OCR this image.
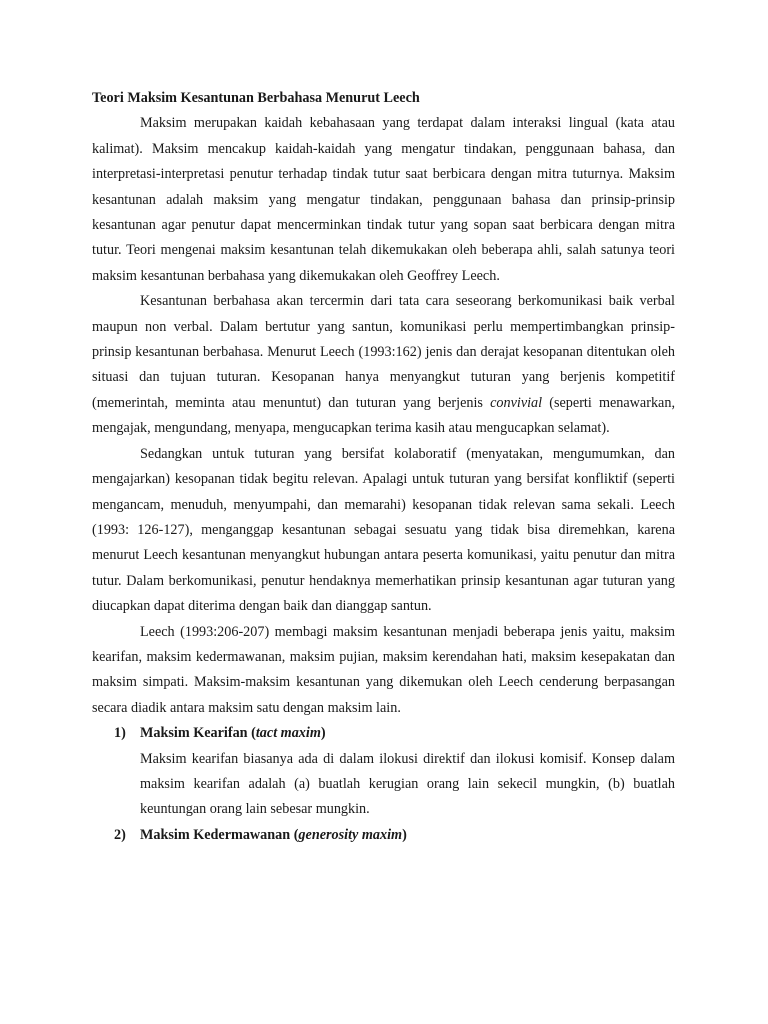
Teori Maksim Kesantunan Berbahasa Menurut Leech

Maksim merupakan kaidah kebahasaan yang terdapat dalam interaksi lingual (kata atau kalimat). Maksim mencakup kaidah-kaidah yang mengatur tindakan, penggunaan bahasa, dan interpretasi-interpretasi penutur terhadap tindak tutur saat berbicara dengan mitra tuturnya. Maksim kesantunan adalah maksim yang mengatur tindakan, penggunaan bahasa dan prinsip-prinsip kesantunan agar penutur dapat mencerminkan tindak tutur yang sopan saat berbicara dengan mitra tutur. Teori mengenai maksim kesantunan telah dikemukakan oleh beberapa ahli, salah satunya teori maksim kesantunan berbahasa yang dikemukakan oleh Geoffrey Leech.

Kesantunan berbahasa akan tercermin dari tata cara seseorang berkomunikasi baik verbal maupun non verbal. Dalam bertutur yang santun, komunikasi perlu mempertimbangkan prinsip-prinsip kesantunan berbahasa. Menurut Leech (1993:162) jenis dan derajat kesopanan ditentukan oleh situasi dan tujuan tuturan. Kesopanan hanya menyangkut tuturan yang berjenis kompetitif (memerintah, meminta atau menuntut) dan tuturan yang berjenis convivial (seperti menawarkan, mengajak, mengundang, menyapa, mengucapkan terima kasih atau mengucapkan selamat).

Sedangkan untuk tuturan yang bersifat kolaboratif (menyatakan, mengumumkan, dan mengajarkan) kesopanan tidak begitu relevan. Apalagi untuk tuturan yang bersifat konfliktif (seperti mengancam, menuduh, menyumpahi, dan memarahi) kesopanan tidak relevan sama sekali. Leech (1993: 126-127), menganggap kesantunan sebagai sesuatu yang tidak bisa diremehkan, karena menurut Leech kesantunan menyangkut hubungan antara peserta komunikasi, yaitu penutur dan mitra tutur. Dalam berkomunikasi, penutur hendaknya memerhatikan prinsip kesantunan agar tuturan yang diucapkan dapat diterima dengan baik dan dianggap santun.

Leech (1993:206-207) membagi maksim kesantunan menjadi beberapa jenis yaitu, maksim kearifan, maksim kedermawanan, maksim pujian, maksim kerendahan hati, maksim kesepakatan dan maksim simpati. Maksim-maksim kesantunan yang dikemukan oleh Leech cenderung berpasangan secara diadik antara maksim satu dengan maksim lain.

1) Maksim Kearifan (tact maxim)

Maksim kearifan biasanya ada di dalam ilokusi direktif dan ilokusi komisif. Konsep dalam maksim kearifan adalah (a) buatlah kerugian orang lain sekecil mungkin, (b) buatlah keuntungan orang lain sebesar mungkin.

2) Maksim Kedermawanan (generosity maxim)
